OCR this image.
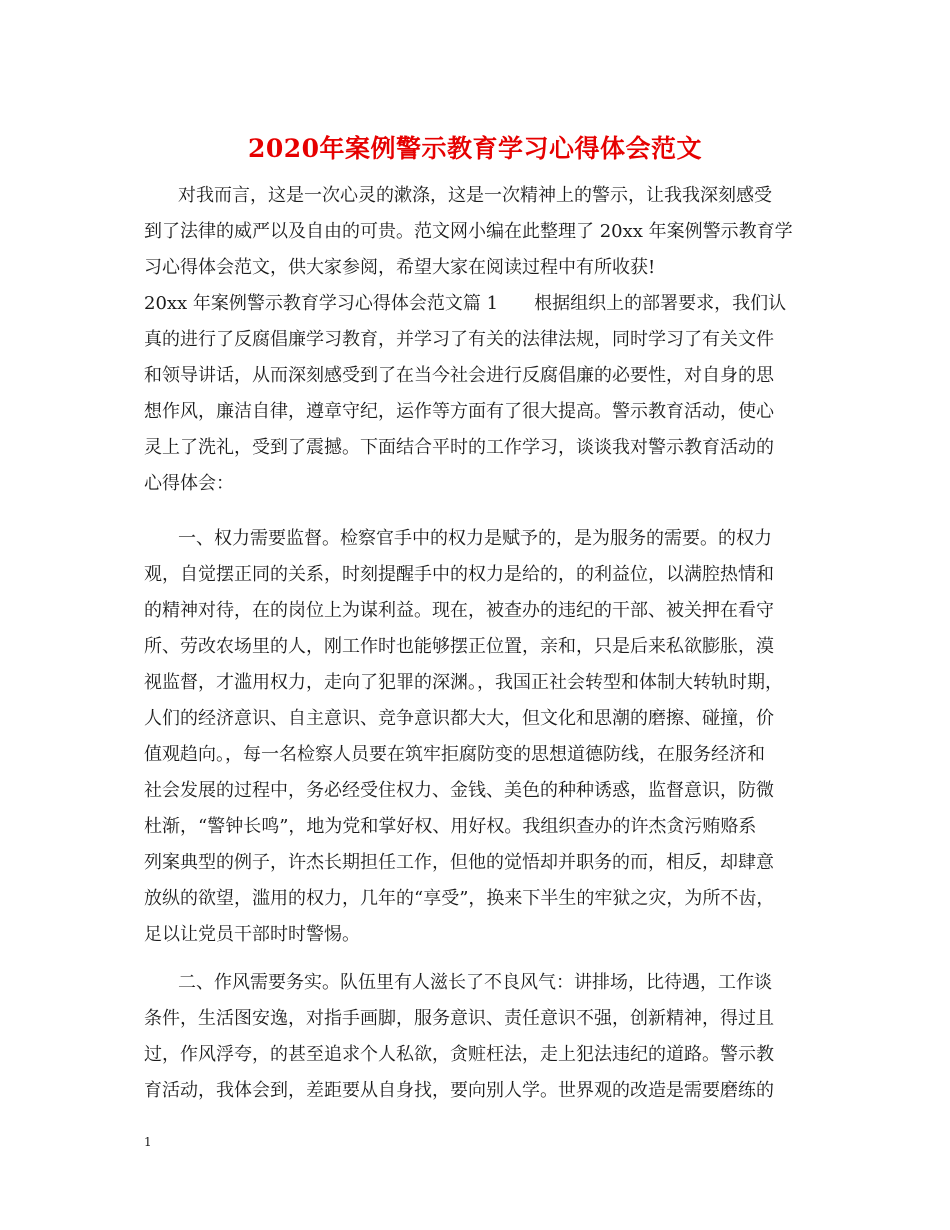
2020年案例警示教育学习心得体会范文
对我而言，这是一次心灵的漱涤，这是一次精神上的警示，让我我深刻感受
到了法律的威严以及自由的可贵。范文网小编在此整理了 20xx 年案例警示教育学
习心得体会范文，供大家参阅，希望大家在阅读过程中有所收获!
20xx 年案例警示教育学习心得体会范文篇 1　　根据组织上的部署要求，我们认
真的进行了反腐倡廉学习教育，并学习了有关的法律法规，同时学习了有关文件
和领导讲话，从而深刻感受到了在当今社会进行反腐倡廉的必要性，对自身的思
想作风，廉洁自律，遵章守纪，运作等方面有了很大提高。警示教育活动，使心
灵上了洗礼，受到了震撼。下面结合平时的工作学习，谈谈我对警示教育活动的
心得体会：
一、权力需要监督。检察官手中的权力是赋予的，是为服务的需要。的权力
观，自觉摆正同的关系，时刻提醒手中的权力是给的，的利益位，以满腔热情和
的精神对待，在的岗位上为谋利益。现在，被查办的违纪的干部、被关押在看守
所、劳改农场里的人，刚工作时也能够摆正位置，亲和，只是后来私欲膨胀，漠
视监督，才滥用权力，走向了犯罪的深渊。，我国正社会转型和体制大转轨时期，
人们的经济意识、自主意识、竞争意识都大大，但文化和思潮的磨擦、碰撞，价
值观趋向。，每一名检察人员要在筑牢拒腐防变的思想道德防线，在服务经济和
社会发展的过程中，务必经受住权力、金钱、美色的种种诱惑，监督意识，防微
杜渐，“警钟长鸣”，地为党和掌好权、用好权。我组织查办的许杰贪污贿赂系
列案典型的例子，许杰长期担任工作，但他的觉悟却并职务的而，相反，却肆意
放纵的欲望，滥用的权力，几年的“享受”，换来下半生的牢狱之灾，为所不齿，
足以让党员干部时时警惕。
二、作风需要务实。队伍里有人滋长了不良风气：讲排场，比待遇，工作谈
条件，生活图安逸，对指手画脚，服务意识、责任意识不强，创新精神，得过且
过，作风浮夸，的甚至追求个人私欲，贪赃枉法，走上犯法违纪的道路。警示教
育活动，我体会到，差距要从自身找，要向别人学。世界观的改造是需要磨练的
1
